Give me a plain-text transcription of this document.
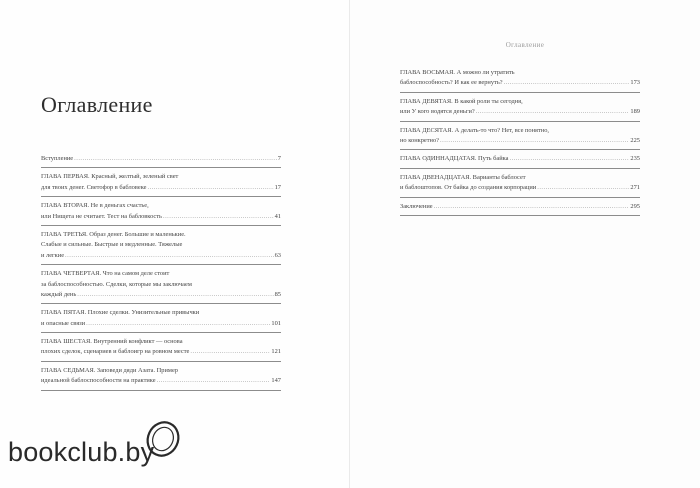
Оглавление
Вступление .....	7
ГЛАВА ПЕРВАЯ. Красный, желтый, зеленый свет
для твоих денег. Светофор в бабловеке .....	17
ГЛАВА ВТОРАЯ. Не в деньгах счастье,
или Нищета не считает. Тест на бабловкость .....	41
ГЛАВА ТРЕТЬЯ. Образ денег. Большие и маленькие.
Слабые и сильные. Быстрые и медленные. Тяжелые
и легкие .....	63
ГЛАВА ЧЕТВЕРТАЯ. Что на самом деле стоит
за баблоспособностью. Сделки, которые мы заключаем
каждый день .....	85
ГЛАВА ПЯТАЯ. Плохие сделки. Унизительные привычки
и опасные связи .....	101
ГЛАВА ШЕСТАЯ. Внутренний конфликт — основа
плохих сделок, сценариев и баблоигр на ровном месте .....	121
ГЛАВА СЕДЬМАЯ. Заповеди дяди Азата. Пример
идеальной баблоспособности на практике .....	147
Оглавление
ГЛАВА ВОСЬМАЯ. А можно ли утратить
баблоспособность? И как ее вернуть? .....	173
ГЛАВА ДЕВЯТАЯ. В какой роли ты сегодня,
или У кого водятся деньги? .....	189
ГЛАВА ДЕСЯТАЯ. А делать-то что? Нет, все понятно,
но конкретно? .....	225
ГЛАВА ОДИННАДЦАТАЯ. Путь байка .....	235
ГЛАВА ДВЕНАДЦАТАЯ. Варианты баблосет
и баблоштопов. От байка до создания корпорации .....	271
Заключение .....	295
bookclub.by
